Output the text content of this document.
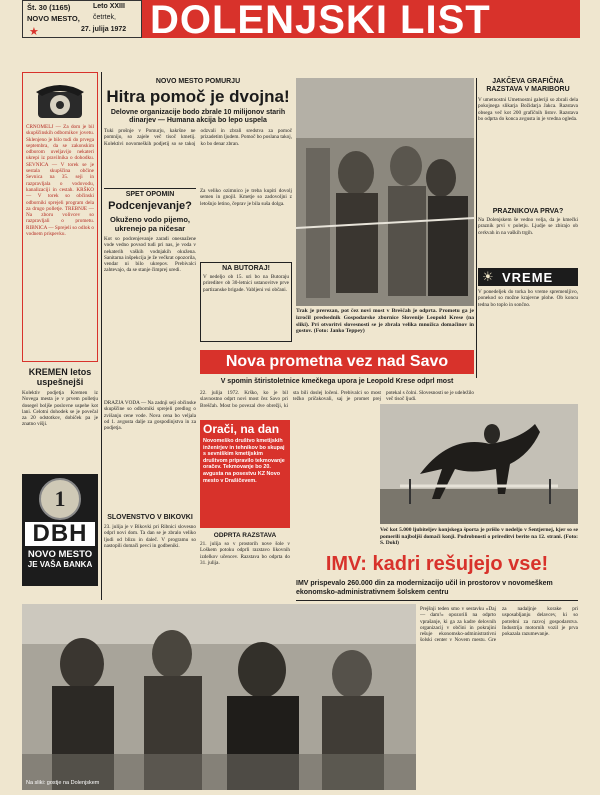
Št. 30 (1165)
NOVO MESTO,
★
Leto XXIII
četrtek,
27. julija 1972 DOLENJSKI LIST
ČRNOMELJ — Za dom je bil skupščinskih odbornikov jovetu. Sklenjeno je bilo tudi do prvega septembra, da se zakonskim odborom uveljavijo nekateri ukrepi iz pravilnika o dohodku. SEVNICA — V torek se je sestala skupščina občine Sevnica na 35. seji in razpravljala o vodovodu, kanalizaciji in cestah. KRŠKO — V torek so občinski odborniki sprejeli program dela za drugo polletje. TREBNJE — Na zboru volivcev so razpravljali o prometu. RIBNICA — Sprejeli so odlok o vodnem prispevku.
KREMEN letos uspešnejši
Kolektiv podjetja Kremen iz Novega mesta je v prvem polletju dosegel boljše poslovne uspehe kot lani. Celotni dohodek se je povečal za 20 odstotkov, dobiček pa je znatno višji.
1
DBH
NOVO MESTO
JE VAŠA BANKA
NOVO MESTO POMURJU
Hitra pomoč je dvojna!
Delovne organizacije bodo zbrale 10 milijonov starih dinarjev — Humana akcija bo lepo uspela
Tuki prošnje v Pomurju, kakršne ne pomnijo, so zajele več tisoč kmetij. Kolektivi novomeških podjetij so se takoj odzvali in zbrali sredstva za pomoč prizadetim ljudem. Pomoč bo poslana takoj, ko bo denar zbran.
SPET OPOMIN
Podcenjevanje?
Okuženo vodo pijemo, ukrenejo pa ničesar
Kot so podcenjevanje zaradi onesnažene vode vedno povsod tudi pri nas, je voda v nekaterih vaških vodnjakih okužena. Sanitarna inšpekcija je že večkrat opozorila, vendar ni bilo ukrepov. Prebivalci zahtevajo, da se stanje čimprej uredi.
Za veliko ozimnico je treba kupiti dovolj semen in gnojil. Kmetje so zadovoljni z letošnjo letino, čeprav je bila suša dolga.
DRAŽJA VODA — Na zadnji seji občinske skupščine so odborniki sprejeli predlog o zvišanju cene vode. Nova cena bo veljala od 1. avgusta dalje za gospodinjstva in za podjetja.
SLOVENSTVO V BIKOVKI
23. julija je v Bikovki pri Ribnici slovesno odprl novi dom. Ta dan se je zbralo veliko ljudi od blizu in daleč. V programu so nastopili domači pevci in godbeniki.
Trak je prerezan, pot čez novi most v Breščah je odprta. Prometu ga je izročil predsednik Gospodarske zbornice Slovenije Leopold Krese (na sliki). Pri otvoritvi slovesnosti se je zbrala velika množica domačinov in gostov. (Foto: Janko Teppey)
NA BUTORAJ!
V nedeljo ob 15. uri bo na Butoraju prireditev ob 30-letnici ustanovitve prve partizanske brigade. Vabljeni vsi občani.
JAKČEVA GRAFIČNA RAZSTAVA V MARIBORU
V umetnostni Umetnostni galeriji so zbrali dela pokojnega slikarja Božidarja Jakca. Razstava obsega več kot 200 grafičnih listov. Razstava bo odprta do konca avgusta in je vredna ogleda.
PRAZNIKOVA PRVA?
Na Dolenjskem še vedno velja, da je kmečki praznik prvi v poletju. Ljudje se zbirajo ob cerkvah in na vaških trgih.
☀ VREME
V ponedeljek do torka bo vreme spremenljivo, ponekod so možne krajevne plohe. Ob koncu tedna bo toplo in sončno.
Nova prometna vez nad Savo
V spomin štiristoletnice kmečkega upora je Leopold Krese odprl most
22. julija 1972. Krško, ko je bil slavnostno odprt novi most čez Savo pri Breščah. Most bo povezal dve obrežji, ki sta bili doslej ločeni. Prebivalci so most težko pričakovali, saj je promet prej potekal s čolni. Slovesnosti se je udeležilo več tisoč ljudi.
Orači, na dan
Novomeško društvo kmetijskih inženirjev in tehnikov bo skupaj s sevniškim kmetijskim društvom pripravilo tekmovanje oračev. Tekmovanje bo 20. avgusta na posestvu KZ Novo mesto v Drašičevem.
ODPRTA RAZSTAVA
21. julija so v prostorih nove šole v Loškem potoku odprli razstavo likovnih izdelkov učencev. Razstava bo odprta do 31. julija.
Več kot 5.000 ljubiteljev konjskega športa je prišlo v nedeljo v Šentjernej, kjer so se pomerili najboljši domači konji. Podrobnosti o prireditvi berite na 12. strani. (Foto: S. Dokl)
IMV: kadri rešujejo vse!
IMV prispevalo 260.000 din za modernizacijo učil in prostorov v novomeškem ekonomsko-administrativnem šolskem centru
Prejšnji teden smo v sestavku »Daj — dam!« opozorili na odprto vprašanje, ki ga za kadre delovnih organizacij v občini in pokrajini rešuje ekonomsko-administrativni šolski center v Novem mestu. Gre za nadaljnje korake pri usposabljanju delavcev, ki so potrebni za razvoj gospodarstva. Industrija motornih vozil je prva pokazala razumevanje.
Na sliki: gostje na Dolenjskem
